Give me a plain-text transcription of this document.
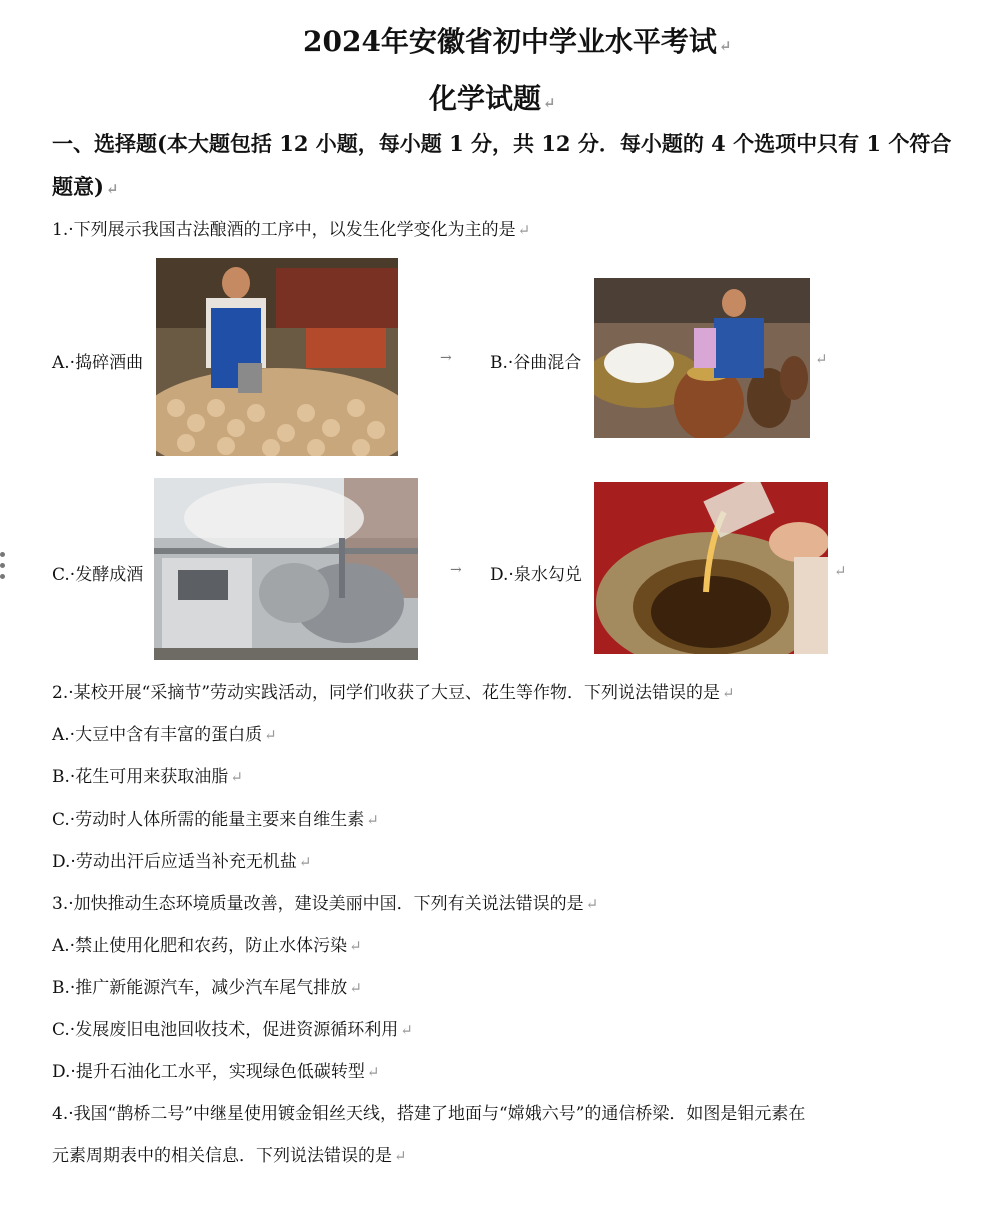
2024年安徽省初中学业水平考试 ↵
化学试题 ↵
一、选择题(本大题包括 12 小题，每小题 1 分，共 12 分．每小题的 4 个选项中只有 1 个符合
题意) ↵
1.·下列展示我国古法酿酒的工序中，以发生化学变化为主的是 ↵
A.·捣碎酒曲	→ B.·谷曲混合	↵
C.·发酵成酒	→ D.·泉水勾兑	↵
2.·某校开展“采摘节”劳动实践活动，同学们收获了大豆、花生等作物．下列说法错误的是 ↵
A.·大豆中含有丰富的蛋白质 ↵
B.·花生可用来获取油脂 ↵
C.·劳动时人体所需的能量主要来自维生素 ↵
D.·劳动出汗后应适当补充无机盐 ↵
3.·加快推动生态环境质量改善，建设美丽中国．下列有关说法错误的是 ↵
A.·禁止使用化肥和农药，防止水体污染 ↵
B.·推广新能源汽车，减少汽车尾气排放 ↵
C.·发展废旧电池回收技术，促进资源循环利用 ↵
D.·提升石油化工水平，实现绿色低碳转型 ↵
4.·我国“鹊桥二号”中继星使用镀金钼丝天线，搭建了地面与“嫦娥六号”的通信桥梁．如图是钼元素在
元素周期表中的相关信息．下列说法错误的是 ↵
